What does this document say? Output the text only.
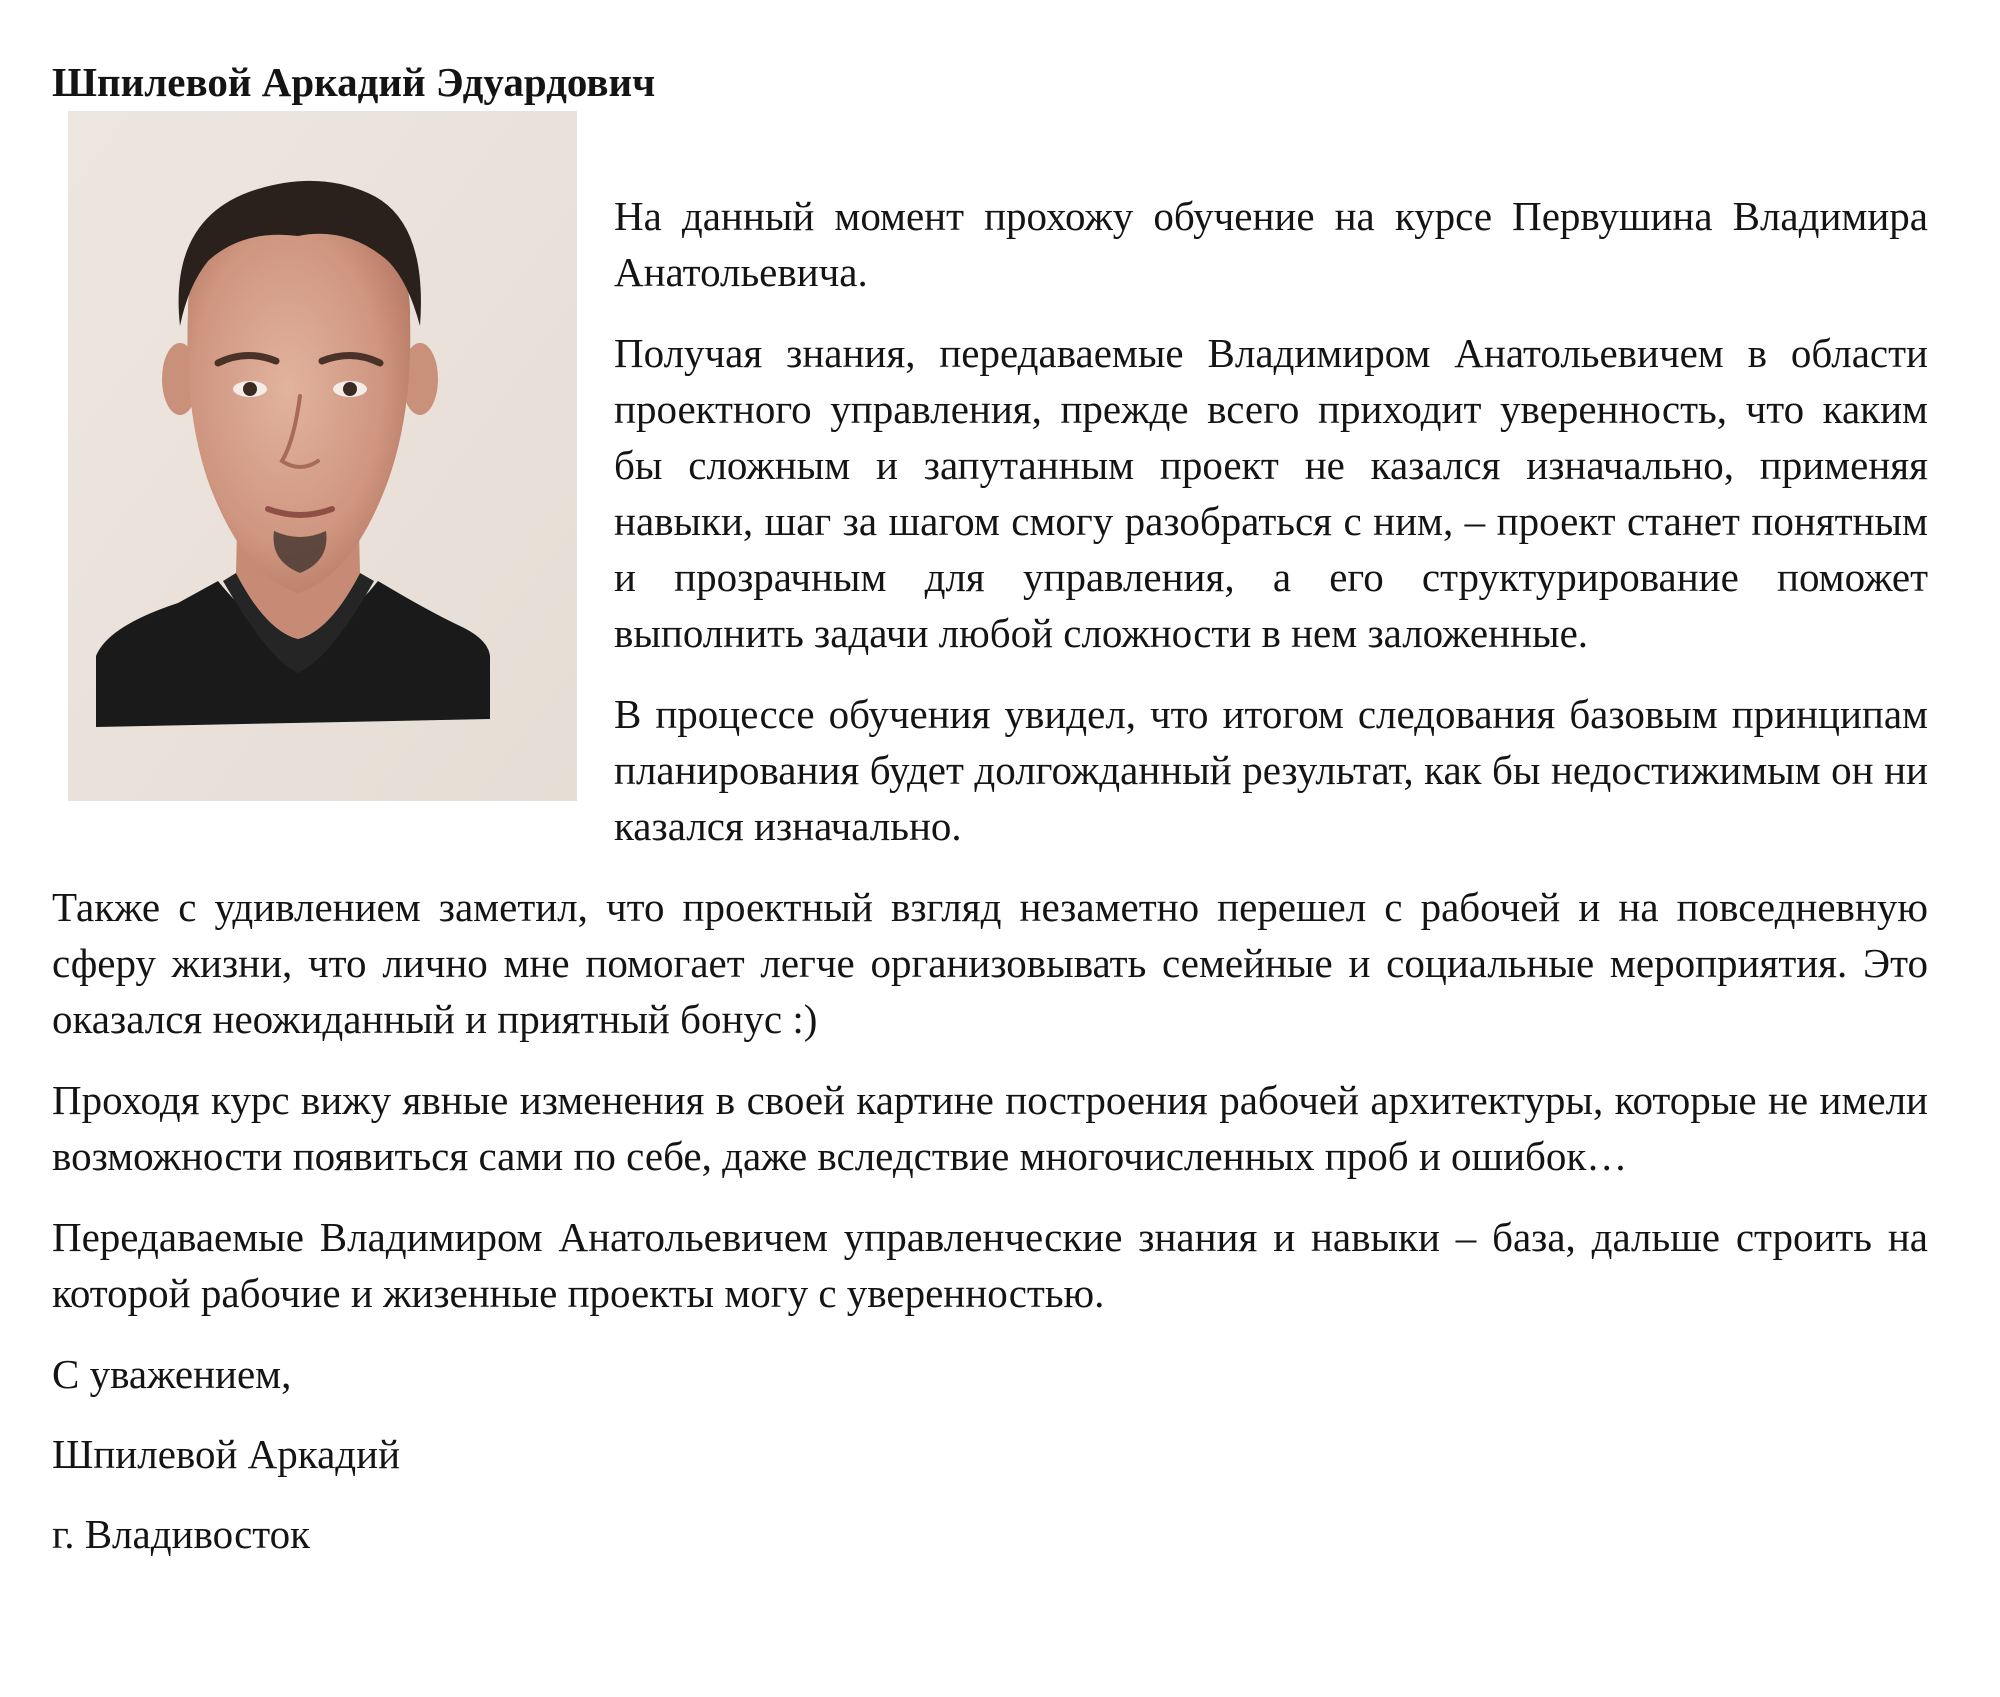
Шпилевой Аркадий Эдуардович

На данный момент прохожу обучение на курсе Первушина Владимира Анатольевича.

Получая знания, передаваемые Владимиром Анатольевичем в области проектного управления, прежде всего приходит уверенность, что каким бы сложным и запутанным проект не казался изначально, применяя навыки, шаг за шагом смогу разобраться с ним, – проект станет понятным и прозрачным для управления, а его структурирование поможет выполнить задачи любой сложности в нем заложенные.

В процессе обучения увидел, что итогом следования базовым принципам планирования будет долгожданный результат, как бы недостижимым он ни казался изначально.

Также с удивлением заметил, что проектный взгляд незаметно перешел с рабочей и на повседневную сферу жизни, что лично мне помогает легче организовывать семейные и социальные мероприятия. Это оказался неожиданный и приятный бонус :)

Проходя курс вижу явные изменения в своей картине построения рабочей архитектуры, которые не имели возможности появиться сами по себе, даже вследствие многочисленных проб и ошибок…

Передаваемые Владимиром Анатольевичем управленческие знания и навыки – база, дальше строить на которой рабочие и жизенные проекты могу с уверенностью.

С уважением,

Шпилевой Аркадий

г. Владивосток
